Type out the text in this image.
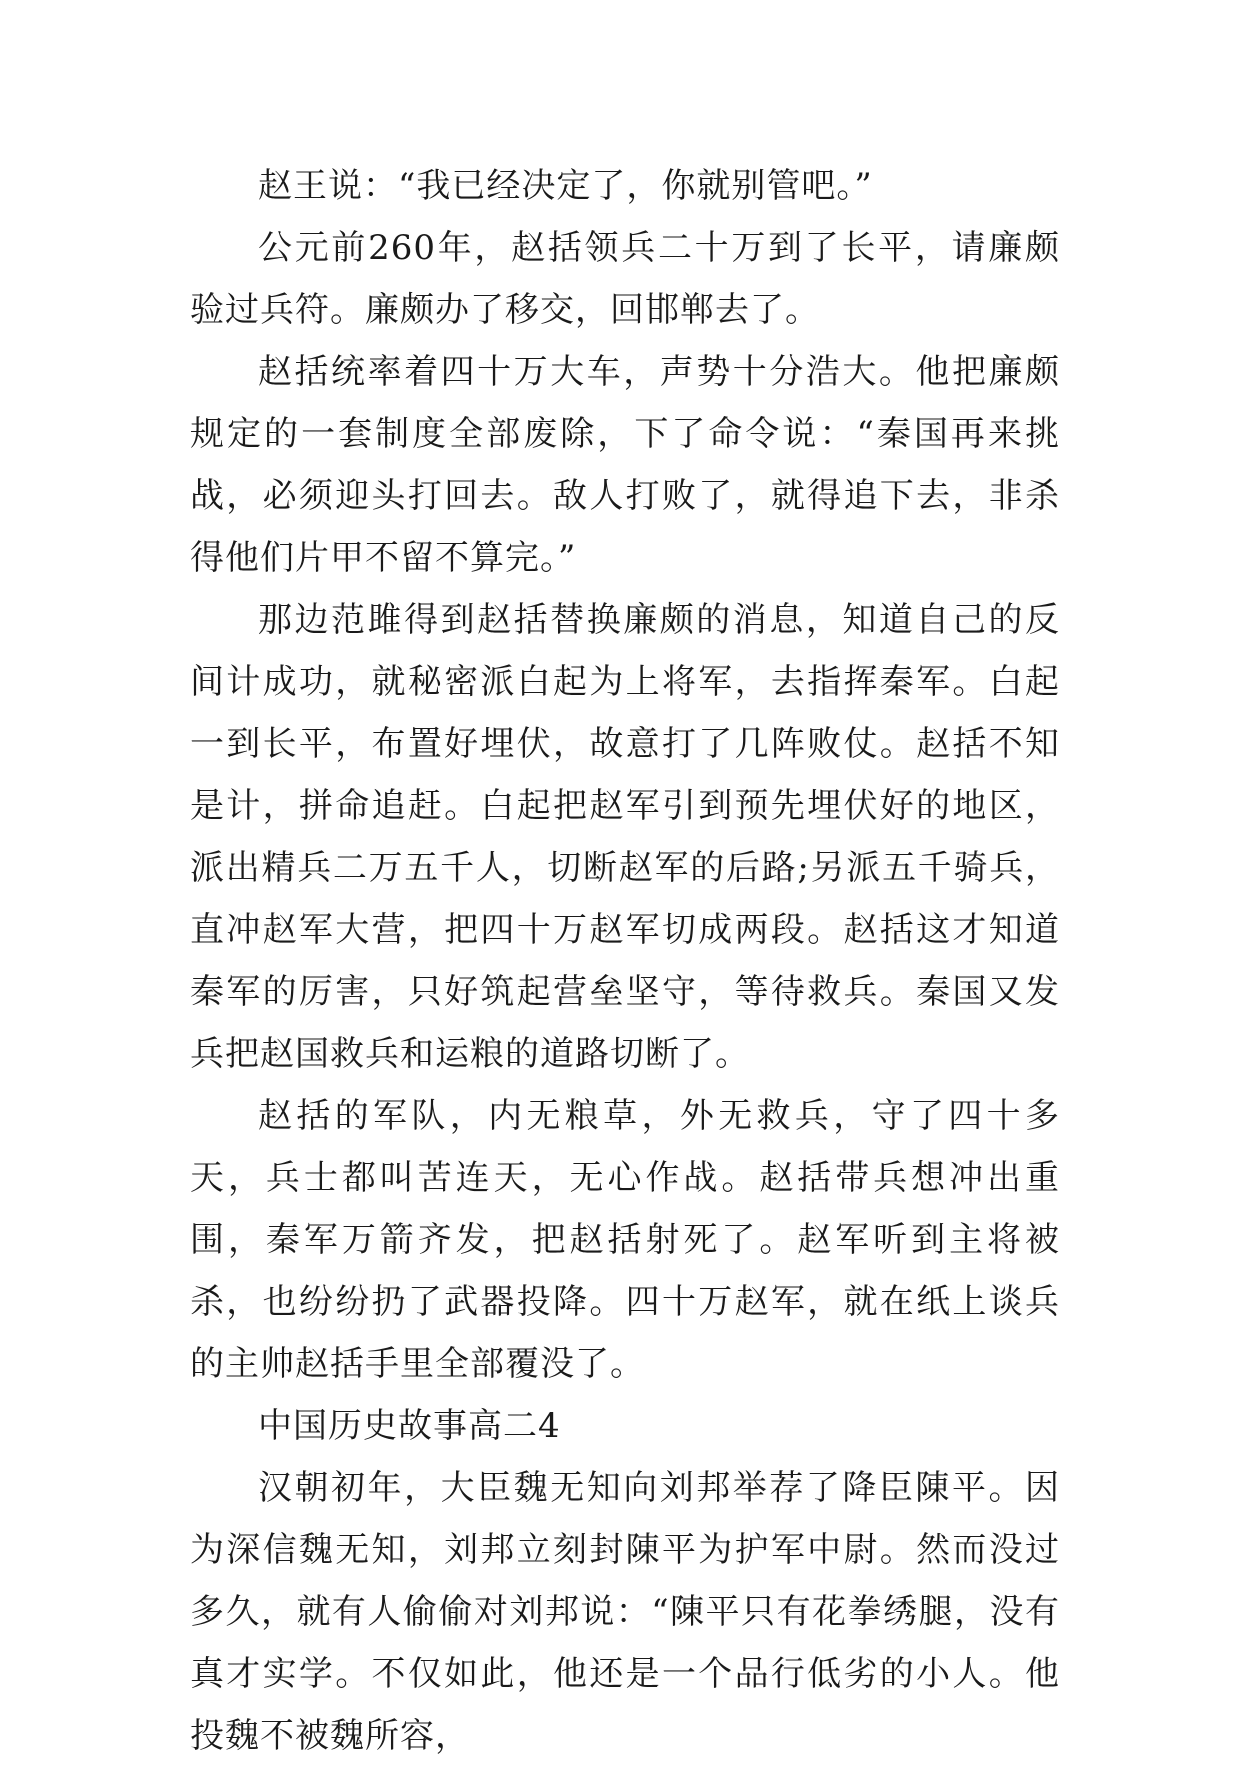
赵王说：“我已经决定了，你就别管吧。”

公元前260年，赵括领兵二十万到了长平，请廉颇验过兵符。廉颇办了移交，回邯郸去了。

赵括统率着四十万大车，声势十分浩大。他把廉颇规定的一套制度全部废除，下了命令说：“秦国再来挑战，必须迎头打回去。敌人打败了，就得追下去，非杀得他们片甲不留不算完。”

那边范雎得到赵括替换廉颇的消息，知道自己的反间计成功，就秘密派白起为上将军，去指挥秦军。白起一到长平，布置好埋伏，故意打了几阵败仗。赵括不知是计，拼命追赶。白起把赵军引到预先埋伏好的地区，派出精兵二万五千人，切断赵军的后路;另派五千骑兵，直冲赵军大营，把四十万赵军切成两段。赵括这才知道秦军的厉害，只好筑起营垒坚守，等待救兵。秦国又发兵把赵国救兵和运粮的道路切断了。

赵括的军队，内无粮草，外无救兵，守了四十多天，兵士都叫苦连天，无心作战。赵括带兵想冲出重围，秦军万箭齐发，把赵括射死了。赵军听到主将被杀，也纷纷扔了武器投降。四十万赵军，就在纸上谈兵的主帅赵括手里全部覆没了。

中国历史故事高二4

汉朝初年，大臣魏无知向刘邦举荐了降臣陳平。因为深信魏无知，刘邦立刻封陳平为护军中尉。然而没过多久，就有人偷偷对刘邦说：“陳平只有花拳绣腿，没有真才实学。不仅如此，他还是一个品行低劣的小人。他投魏不被魏所容，
